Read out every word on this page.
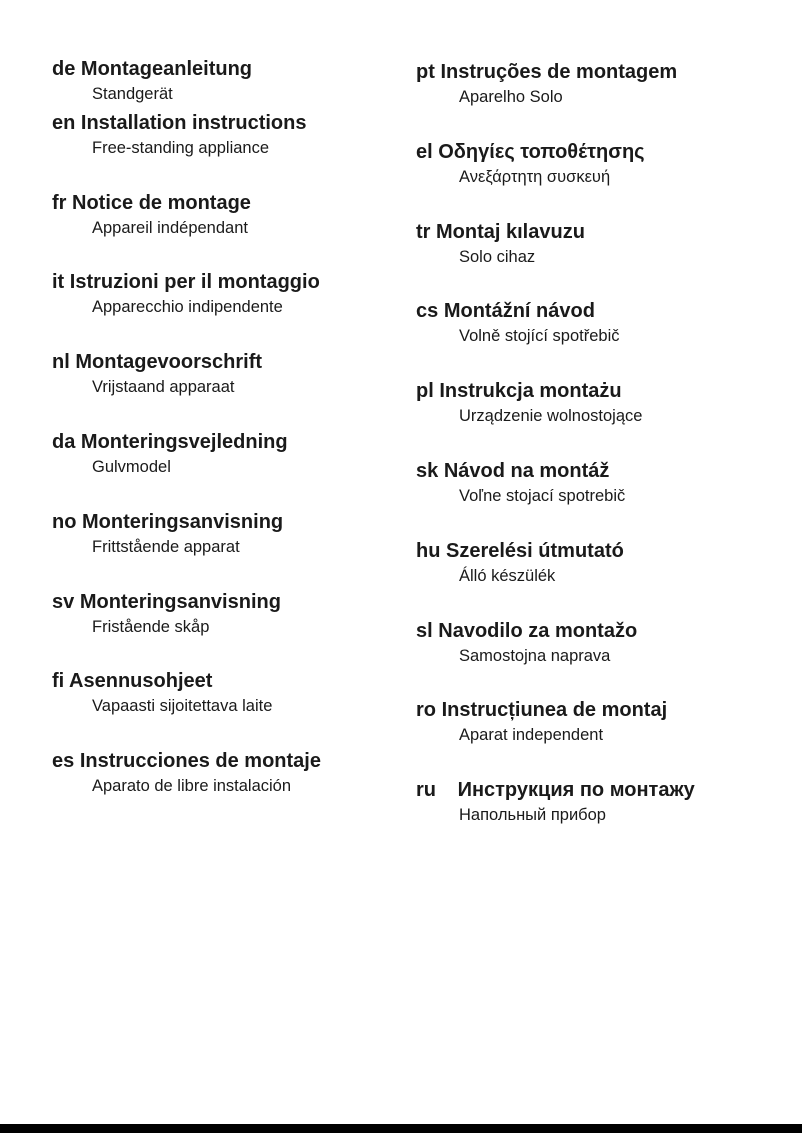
de Montageanleitung
Standgerät
en Installation instructions
Free-standing appliance
fr Notice de montage
Appareil indépendant
it Istruzioni per il montaggio
Apparecchio indipendente
nl Montagevoorschrift
Vrijstaand apparaat
da Monteringsvejledning
Gulvmodel
no Monteringsanvisning
Frittstående apparat
sv Monteringsanvisning
Fristående skåp
fi Asennusohjeet
Vapaasti sijoitettava laite
es Instrucciones de montaje
Aparato de libre instalación
pt Instruções de montagem
Aparelho Solo
el Οδηγίες τοποθέτησης
Ανεξάρτητη συσκευή
tr Montaj kılavuzu
Solo cihaz
cs Montážní návod
Volně stojící spotřebič
pl Instrukcja montażu
Urządzenie wolnostojące
sk Návod na montáž
Voľne stojací spotrebič
hu Szerelési útmutató
Álló készülék
sl Navodilo za montažo
Samostojna naprava
ro Instrucțiunea de montaj
Aparat independent
ru Инструкция по монтажу
Напольный прибор
